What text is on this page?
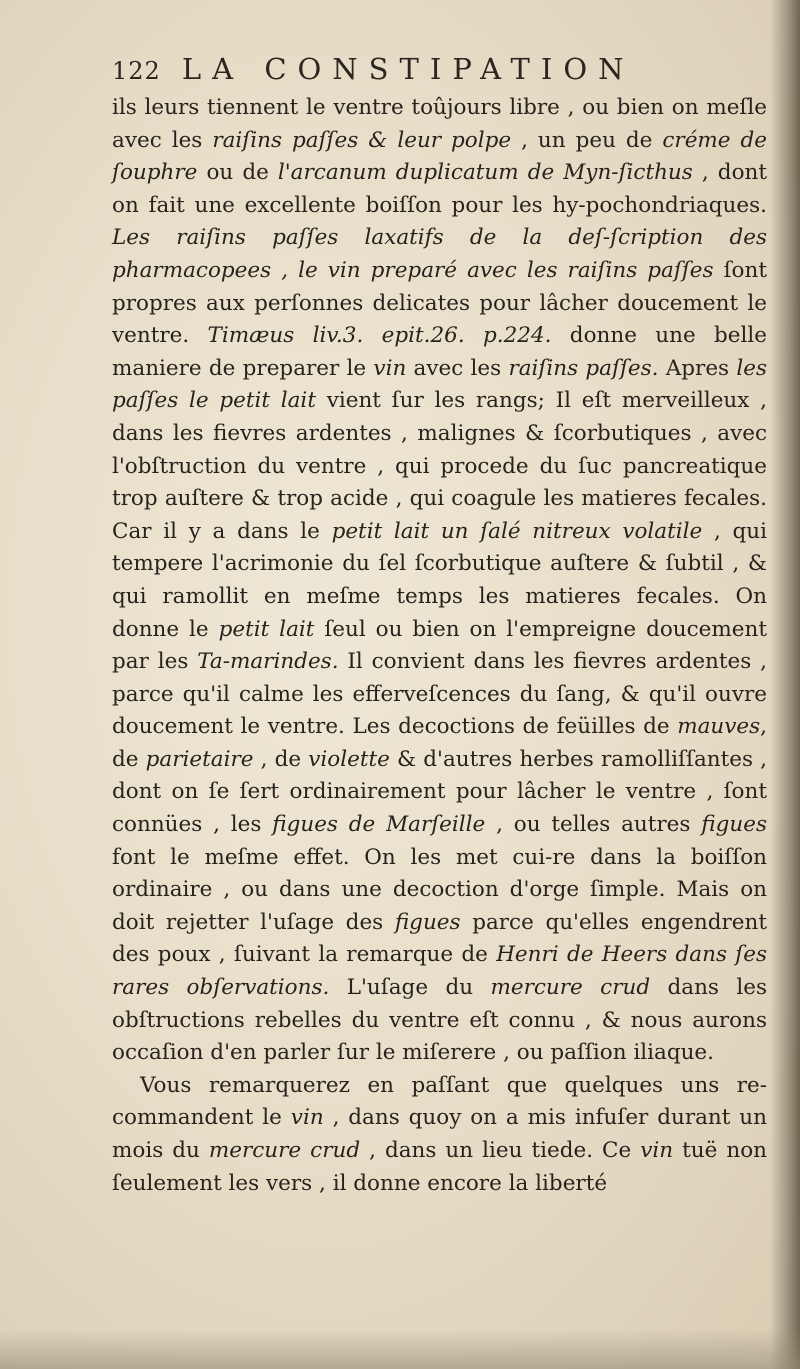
122 LA CONSTIPATION

ils leurs tiennent le ventre toûjours libre , ou bien on meſle avec les raiſins paſſes & leur polpe , un peu de créme de ſouphre ou de l'arcanum duplicatum de Myn-ſicthus , dont on fait une excellente boiſſon pour les hy-pochondriaques. Les raiſins paſſes laxatifs de la deſ-ſcription des pharmacopees , le vin preparé avec les raiſins paſſes ſont propres aux perſonnes delicates pour lâcher doucement le ventre. Timæus liv.3. epit.26. p.224. donne une belle maniere de preparer le vin avec les raiſins paſſes. Apres les paſſes le petit lait vient ſur les rangs; Il eſt merveilleux , dans les fievres ardentes , malignes & ſcorbutiques , avec l'obſtruction du ventre , qui procede du ſuc pancreatique trop auſtere & trop acide , qui coagule les matieres fecales. Car il y a dans le petit lait un ſalé nitreux volatile , qui tempere l'acrimonie du ſel ſcorbutique auſtere & ſubtil , & qui ramollit en meſme temps les matieres fecales. On donne le petit lait ſeul ou bien on l'empreigne doucement par les Ta-marindes. Il convient dans les fievres ardentes , parce qu'il calme les efferveſcences du ſang, & qu'il ouvre doucement le ventre. Les decoctions de feüilles de mauves, de parietaire , de violette & d'autres herbes ramolliſſantes , dont on ſe ſert ordinairement pour lâcher le ventre , ſont connües , les figues de Marſeille , ou telles autres figues font le meſme effet. On les met cui-re dans la boiſſon ordinaire , ou dans une decoction d'orge ſimple. Mais on doit rejetter l'uſage des figues parce qu'elles engendrent des poux , ſuivant la remarque de Henri de Heers dans ſes rares obſervations. L'uſage du mercure crud dans les obſtructions rebelles du ventre eſt connu , & nous aurons occaſion d'en parler ſur le miſerere , ou paſſion iliaque.

Vous remarquerez en paſſant que quelques uns re-commandent le vin , dans quoy on a mis infuſer durant un mois du mercure crud , dans un lieu tiede. Ce vin tuë non ſeulement les vers , il donne encore la liberté
